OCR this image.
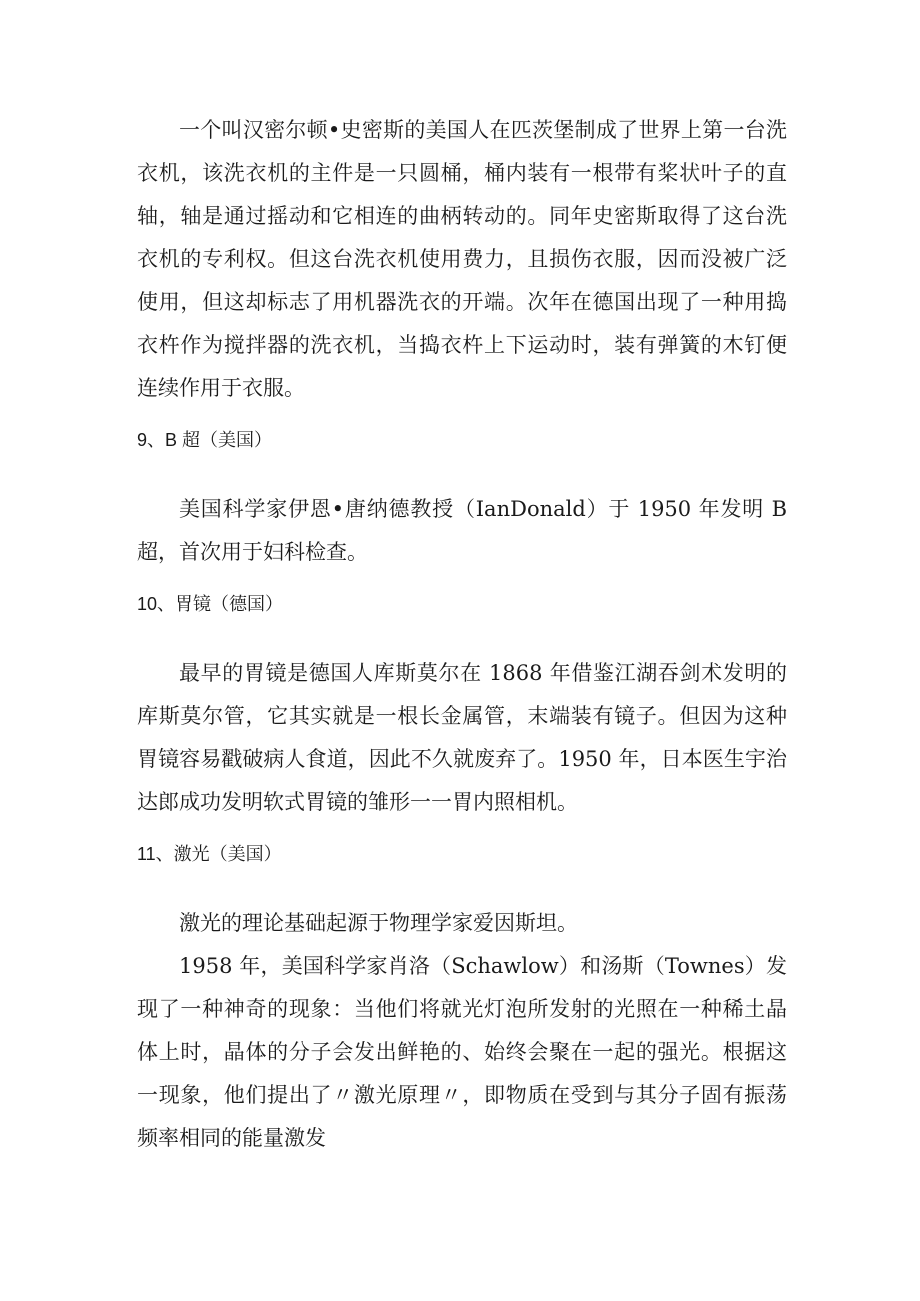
一个叫汉密尔顿•史密斯的美国人在匹茨堡制成了世界上第一台洗衣机，该洗衣机的主件是一只圆桶，桶内装有一根带有桨状叶子的直轴，轴是通过摇动和它相连的曲柄转动的。同年史密斯取得了这台洗衣机的专利权。但这台洗衣机使用费力，且损伤衣服，因而没被广泛使用，但这却标志了用机器洗衣的开端。次年在德国出现了一种用捣衣杵作为搅拌器的洗衣机，当捣衣杵上下运动时，装有弹簧的木钉便连续作用于衣服。

9、B 超（美国）

美国科学家伊恩•唐纳德教授（IanDonald）于 1950 年发明 B 超，首次用于妇科检查。

10、胃镜（德国）

最早的胃镜是德国人库斯莫尔在 1868 年借鉴江湖吞剑术发明的库斯莫尔管，它其实就是一根长金属管，末端装有镜子。但因为这种胃镜容易戳破病人食道，因此不久就废弃了。1950 年，日本医生宇治达郎成功发明软式胃镜的雏形一一胃内照相机。

11、激光（美国）

激光的理论基础起源于物理学家爱因斯坦。

1958 年，美国科学家肖洛（Schawlow）和汤斯（Townes）发现了一种神奇的现象：当他们将就光灯泡所发射的光照在一种稀土晶体上时，晶体的分子会发出鲜艳的、始终会聚在一起的强光。根据这一现象，他们提出了〃激光原理〃，即物质在受到与其分子固有振荡频率相同的能量激发
